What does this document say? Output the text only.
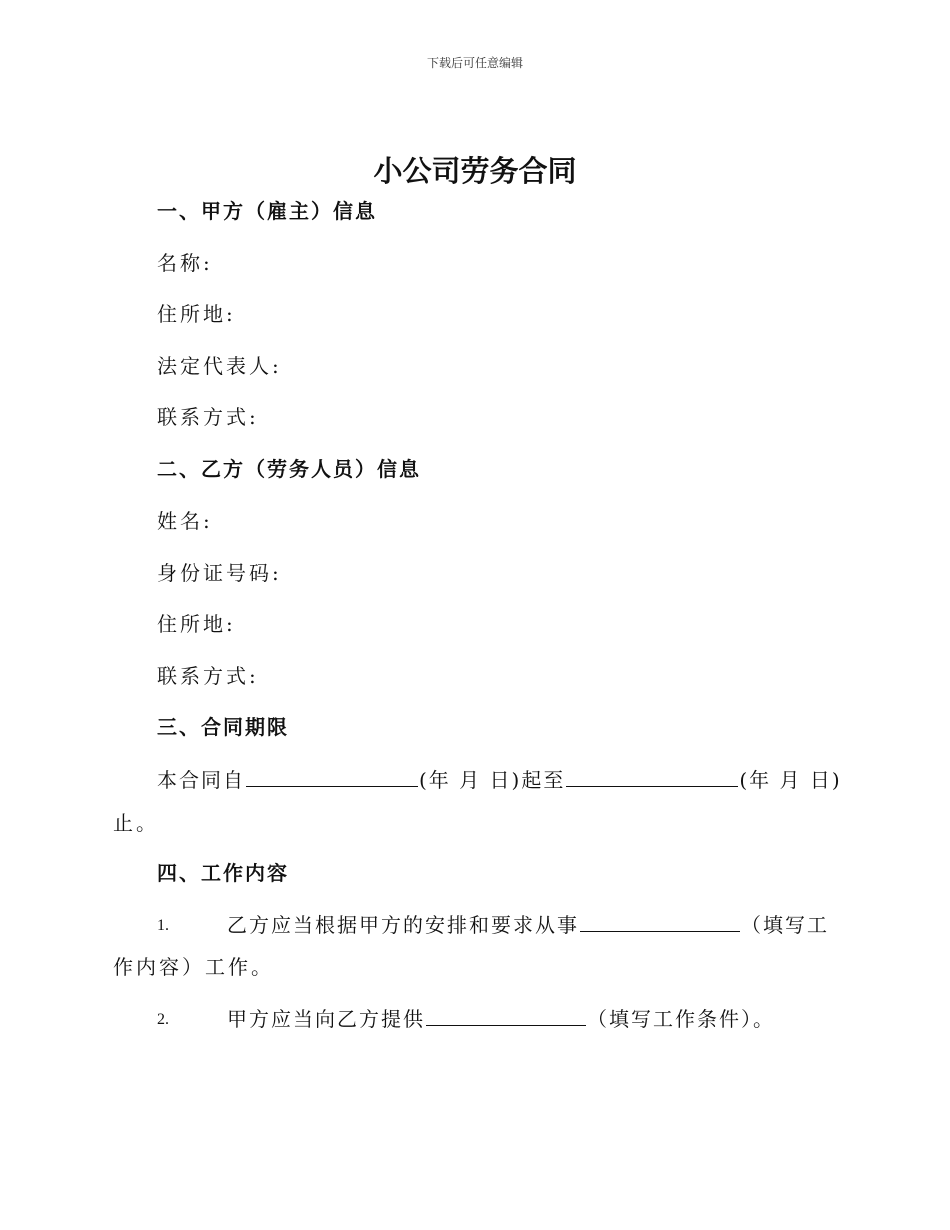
下载后可任意编辑
小公司劳务合同
一、甲方（雇主）信息
名称:
住所地:
法定代表人:
联系方式:
二、乙方（劳务人员）信息
姓名:
身份证号码:
住所地:
联系方式:
三、合同期限
本合同自	(年 月 日)起至	(年 月 日)
止。
四、工作内容
1.	乙方应当根据甲方的安排和要求从事	（填写工
作内容）工作。
2.	甲方应当向乙方提供	（填写工作条件）。
